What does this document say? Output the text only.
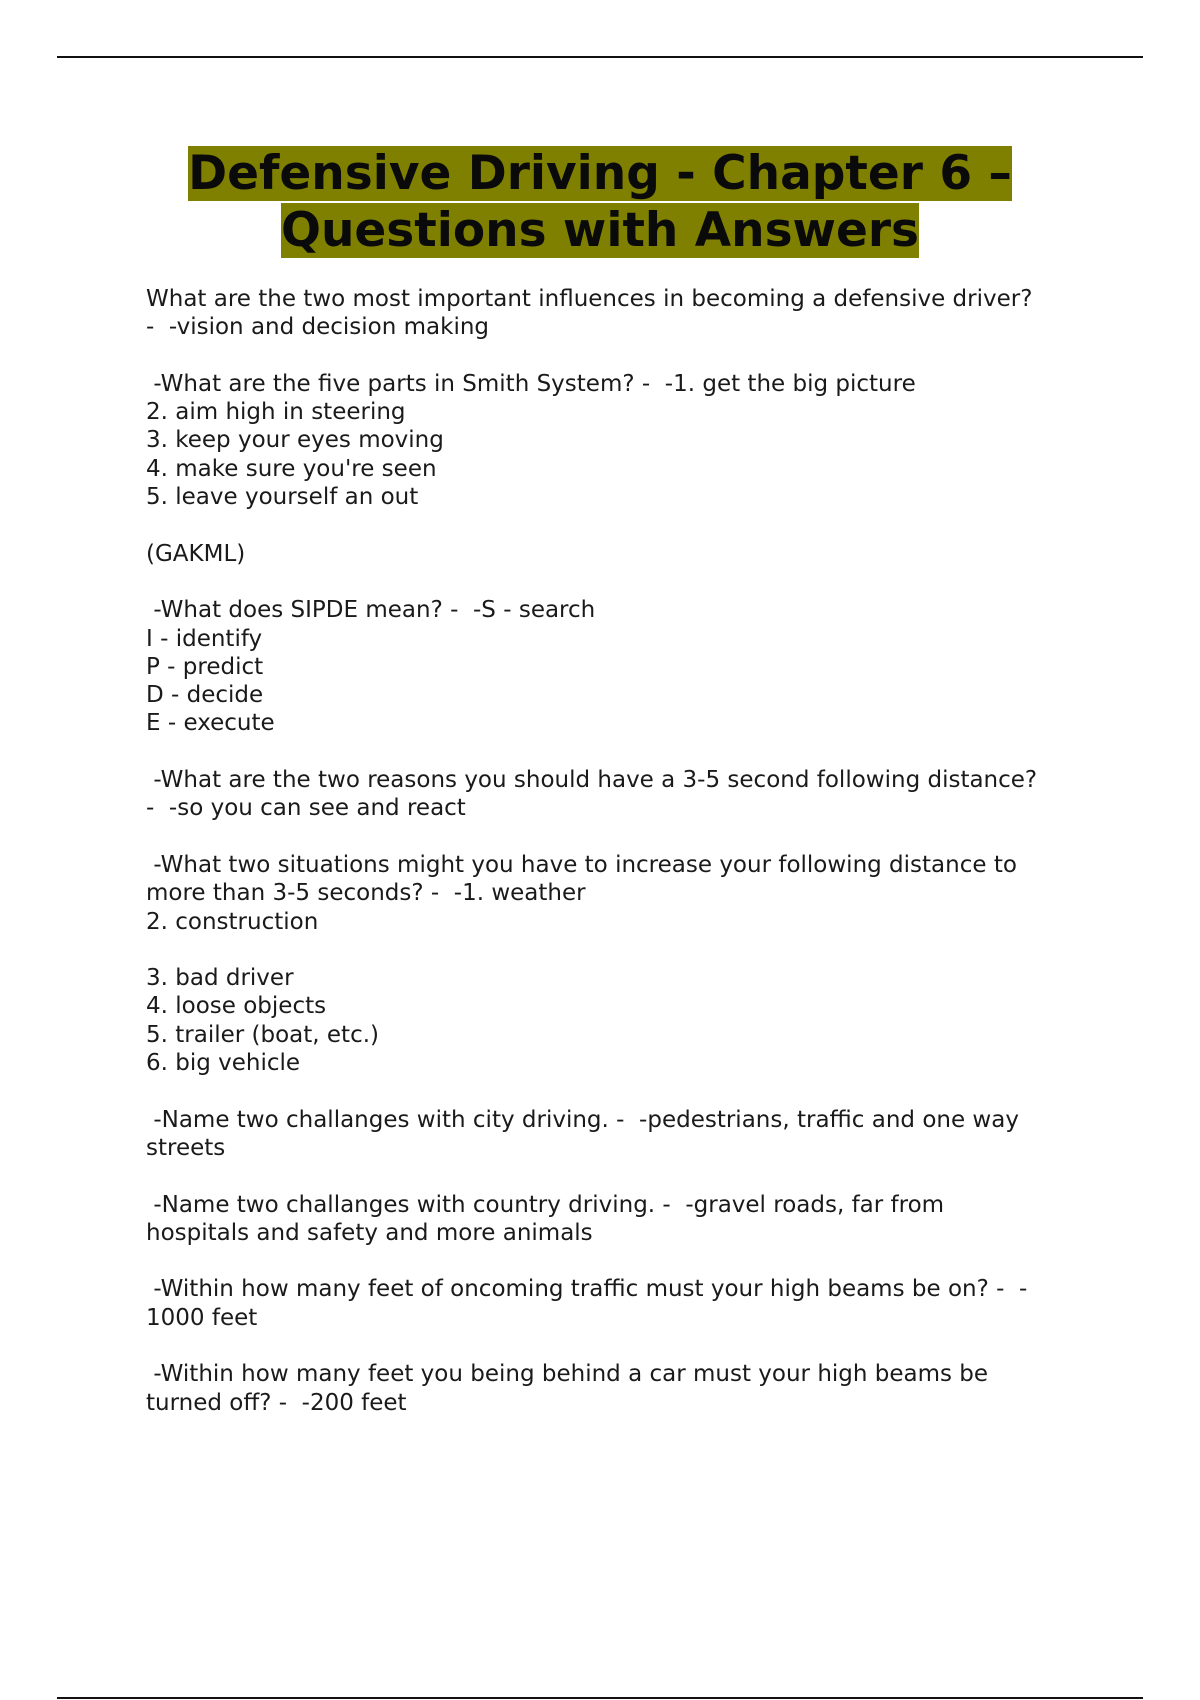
Defensive Driving - Chapter 6 –
Questions with Answers
What are the two most important influences in becoming a defensive driver?
-  -vision and decision making
-What are the five parts in Smith System? -  -1. get the big picture
2. aim high in steering
3. keep your eyes moving
4. make sure you're seen
5. leave yourself an out
(GAKML)
-What does SIPDE mean? -  -S - search
I - identify
P - predict
D - decide
E - execute
-What are the two reasons you should have a 3-5 second following distance?
-  -so you can see and react
-What two situations might you have to increase your following distance to
more than 3-5 seconds? -  -1. weather
2. construction
3. bad driver
4. loose objects
5. trailer (boat, etc.)
6. big vehicle
-Name two challanges with city driving. -  -pedestrians, traffic and one way
streets
-Name two challanges with country driving. -  -gravel roads, far from
hospitals and safety and more animals
-Within how many feet of oncoming traffic must your high beams be on? -  -
1000 feet
-Within how many feet you being behind a car must your high beams be
turned off? -  -200 feet
